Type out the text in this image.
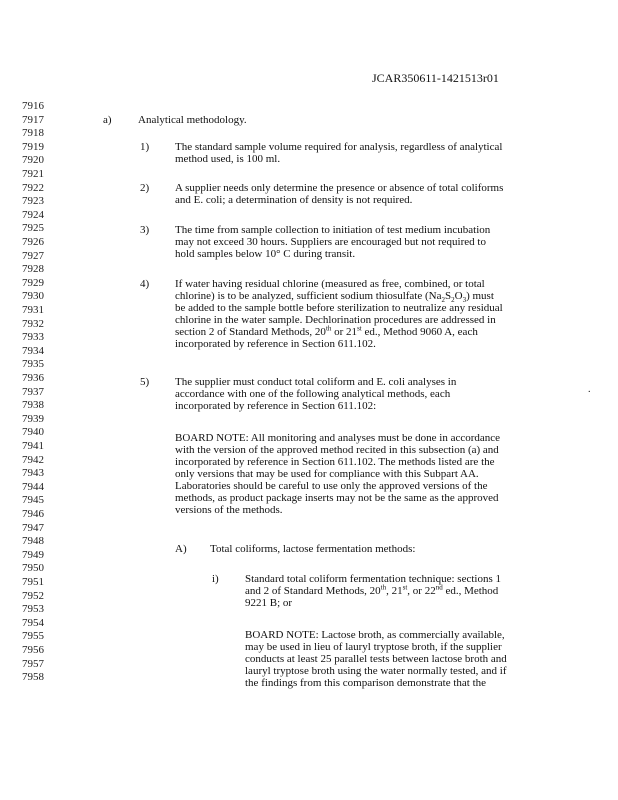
JCAR350611-1421513r01
7916
7917
7918
7919
7920
7921
7922
7923
7924
7925
7926
7927
7928
7929
7930
7931
7932
7933
7934
7935
7936
7937
7938
7939
7940
7941
7942
7943
7944
7945
7946
7947
7948
7949
7950
7951
7952
7953
7954
7955
7956
7957
7958
a) Analytical methodology.
1) The standard sample volume required for analysis, regardless of analytical
method used, is 100 ml.
2) A supplier needs only determine the presence or absence of total coliforms
and E. coli; a determination of density is not required.
3) The time from sample collection to initiation of test medium incubation
may not exceed 30 hours. Suppliers are encouraged but not required to
hold samples below 10° C during transit.
4) If water having residual chlorine (measured as free, combined, or total
chlorine) is to be analyzed, sufficient sodium thiosulfate $(Na_2S_2O_3)$ must
be added to the sample bottle before sterilization to neutralize any residual
chlorine in the water sample. Dechlorination procedures are addressed in
section 2 of Standard Methods, 20th or 21st ed., Method 9060 A, each
incorporated by reference in Section 611.102.
5) The supplier must conduct total coliform and E. coli analyses in
accordance with one of the following analytical methods, each
incorporated by reference in Section 611.102:
.
BOARD NOTE: All monitoring and analyses must be done in accordance
with the version of the approved method recited in this subsection (a) and
incorporated by reference in Section 611.102. The methods listed are the
only versions that may be used for compliance with this Subpart AA.
Laboratories should be careful to use only the approved versions of the
methods, as product package inserts may not be the same as the approved
versions of the methods.
A) Total coliforms, lactose fermentation methods:
i) Standard total coliform fermentation technique: sections 1
and 2 of Standard Methods, 20th, 21st, or 22nd ed., Method
9221 B; or
BOARD NOTE: Lactose broth, as commercially available,
may be used in lieu of lauryl tryptose broth, if the supplier
conducts at least 25 parallel tests between lactose broth and
lauryl tryptose broth using the water normally tested, and if
the findings from this comparison demonstrate that the
